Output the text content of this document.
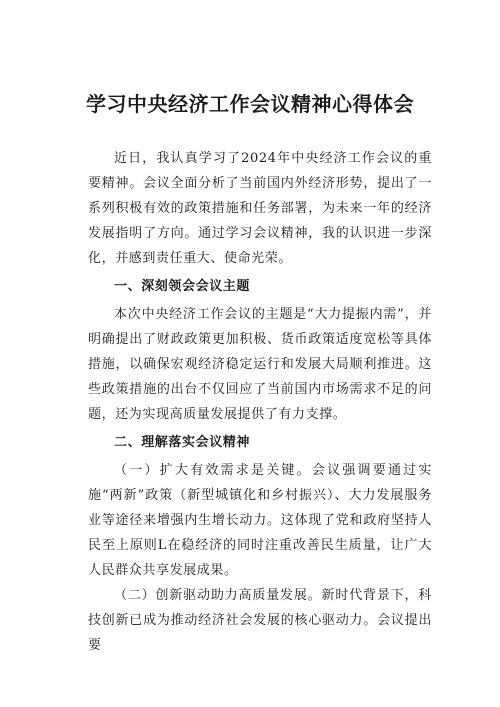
学习中央经济工作会议精神心得体会

近日，我认真学习了2024年中央经济工作会议的重要精神。会议全面分析了当前国内外经济形势，提出了一系列积极有效的政策措施和任务部署，为未来一年的经济发展指明了方向。通过学习会议精神，我的认识进一步深化，并感到责任重大、使命光荣。

一、深刻领会会议主题

本次中央经济工作会议的主题是“大力提振内需”，并明确提出了财政政策更加积极、货币政策适度宽松等具体措施，以确保宏观经济稳定运行和发展大局顺利推进。这些政策措施的出台不仅回应了当前国内市场需求不足的问题，还为实现高质量发展提供了有力支撑。

二、理解落实会议精神

（一）扩大有效需求是关键。会议强调要通过实施“两新”政策（新型城镇化和乡村振兴）、大力发展服务业等途径来增强内生增长动力。这体现了党和政府坚持人民至上原则L在稳经济的同时注重改善民生质量，让广大人民群众共享发展成果。

（二）创新驱动助力高质量发展。新时代背景下，科技创新已成为推动经济社会发展的核心驱动力。会议提出要
